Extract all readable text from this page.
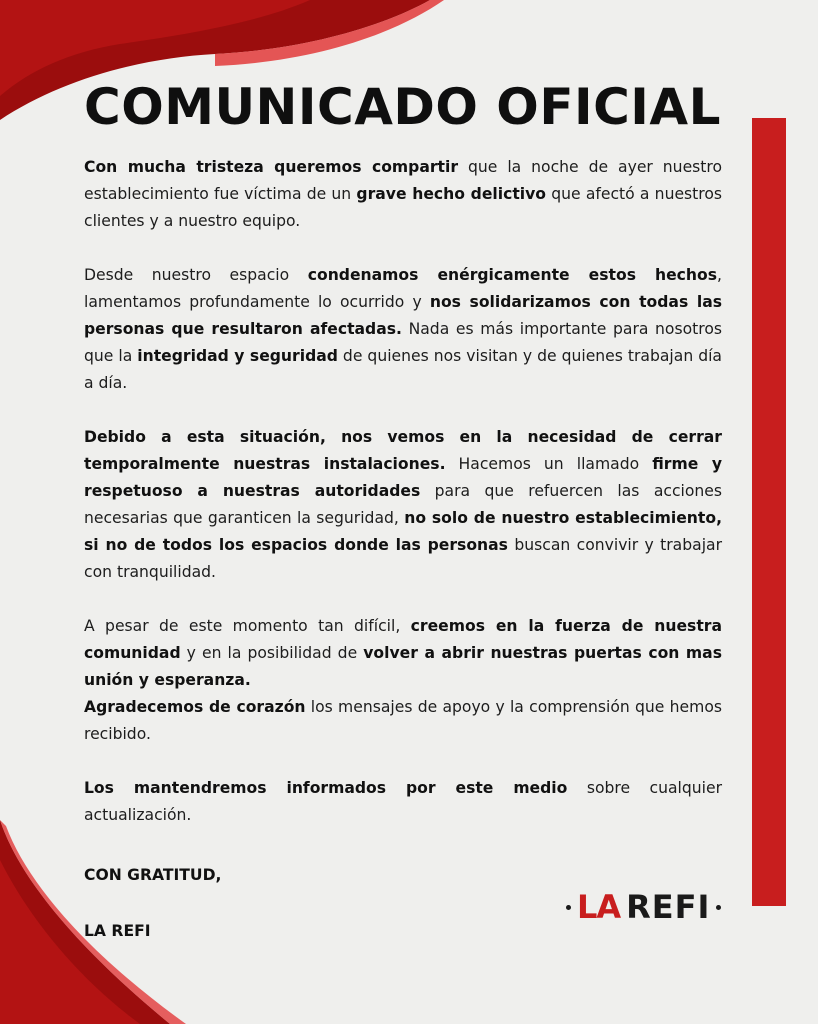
COMUNICADO OFICIAL

Con mucha tristeza queremos compartir que la noche de ayer nuestro establecimiento fue víctima de un grave hecho delictivo que afectó a nuestros clientes y a nuestro equipo.

Desde nuestro espacio condenamos enérgicamente estos hechos, lamentamos profundamente lo ocurrido y nos solidarizamos con todas las personas que resultaron afectadas. Nada es más importante para nosotros que la integridad y seguridad de quienes nos visitan y de quienes trabajan día a día.

Debido a esta situación, nos vemos en la necesidad de cerrar temporalmente nuestras instalaciones. Hacemos un llamado firme y respetuoso a nuestras autoridades para que refuercen las acciones necesarias que garanticen la seguridad, no solo de nuestro establecimiento, si no de todos los espacios donde las personas buscan convivir y trabajar con tranquilidad.

A pesar de este momento tan difícil, creemos en la fuerza de nuestra comunidad y en la posibilidad de volver a abrir nuestras puertas con mas unión y esperanza.

Agradecemos de corazón los mensajes de apoyo y la comprensión que hemos recibido.

Los mantendremos informados por este medio sobre cualquier actualización.

CON GRATITUD,
LA REFI
LA REFI
